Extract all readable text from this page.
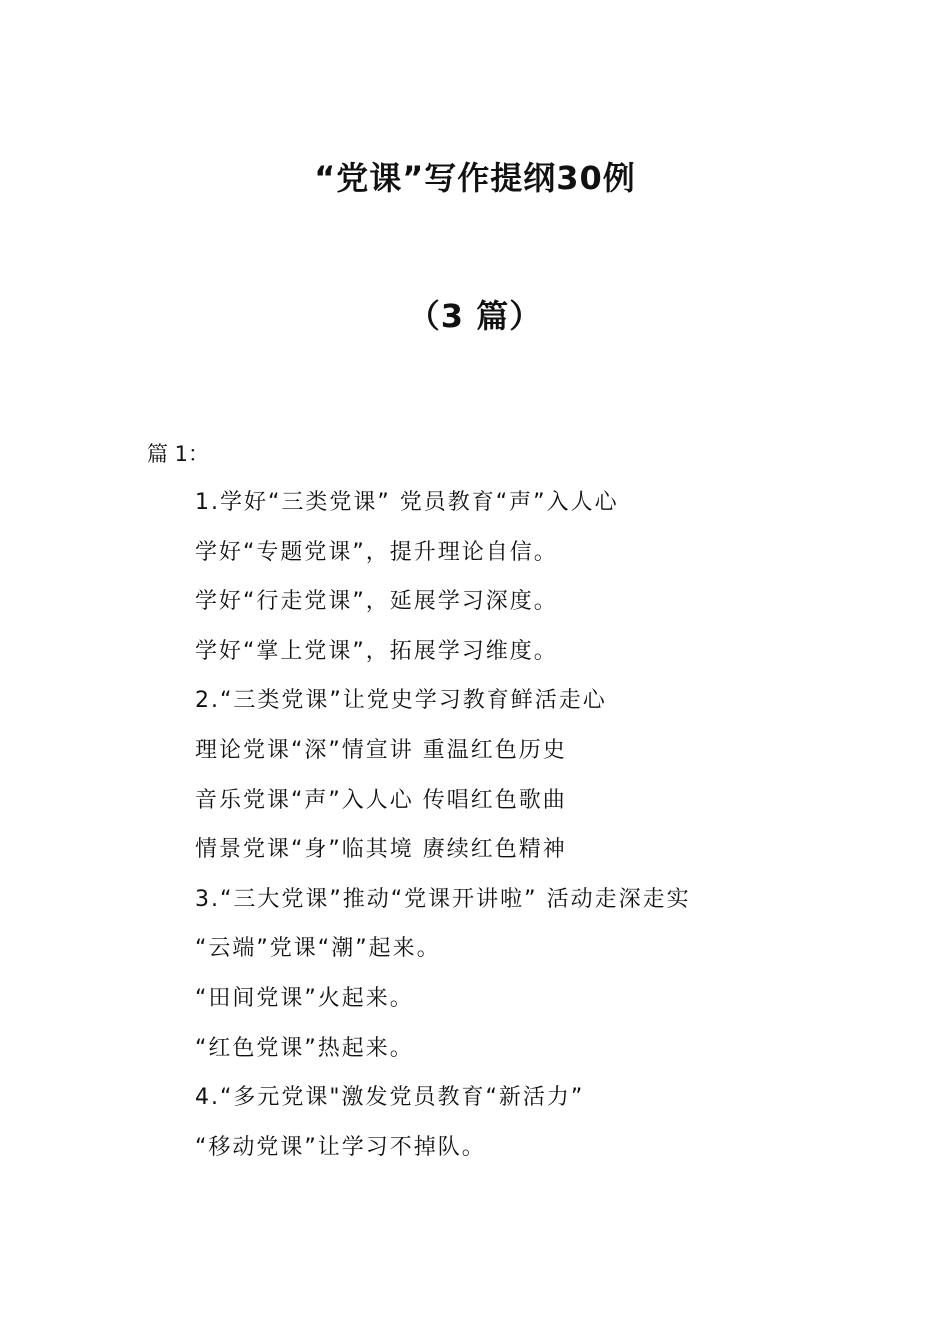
“党课”写作提纲30例
（3 篇）
篇 1：
1.学好“三类党课” 党员教育“声”入人心
学好“专题党课”，提升理论自信。
学好“行走党课”，延展学习深度。
学好“掌上党课”，拓展学习维度。
2.“三类党课”让党史学习教育鲜活走心
理论党课“深”情宣讲 重温红色历史
音乐党课“声”入人心 传唱红色歌曲
情景党课“身”临其境 赓续红色精神
3.“三大党课”推动“党课开讲啦” 活动走深走实
“云端”党课“潮”起来。
“田间党课”火起来。
“红色党课”热起来。
4.“多元党课"激发党员教育“新活力”
“移动党课”让学习不掉队。
